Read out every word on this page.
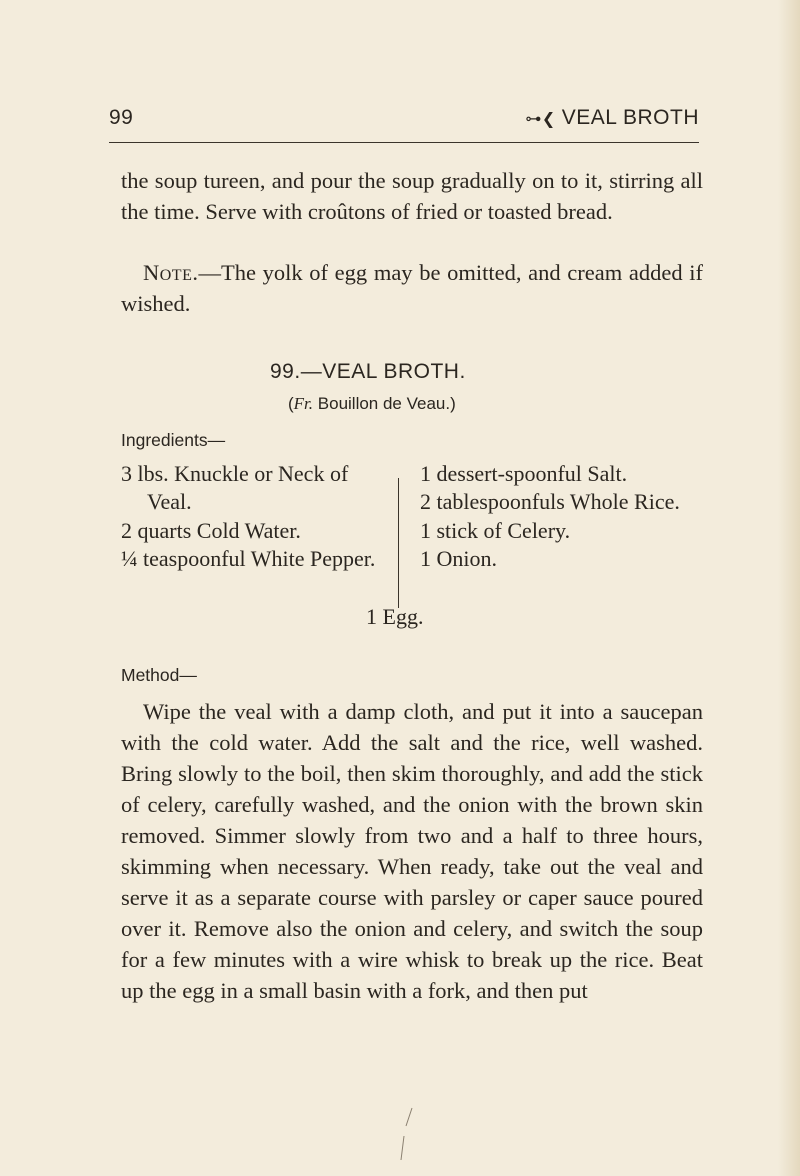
99	⊶❮ VEAL BROTH

the soup tureen, and pour the soup gradually on to it, stirring all the time. Serve with croûtons of fried or toasted bread.

Note.—The yolk of egg may be omitted, and cream added if wished.

99.—VEAL BROTH.
(Fr. Bouillon de Veau.)
Ingredients—
3 lbs. Knuckle or Neck of Veal.
2 quarts Cold Water.
¼ teaspoonful White Pepper.
1 dessert-spoonful Salt.
2 tablespoonfuls Whole Rice.
1 stick of Celery.
1 Onion.
1 Egg.
Method—

Wipe the veal with a damp cloth, and put it into a saucepan with the cold water. Add the salt and the rice, well washed. Bring slowly to the boil, then skim thoroughly, and add the stick of celery, carefully washed, and the onion with the brown skin removed. Simmer slowly from two and a half to three hours, skimming when necessary. When ready, take out the veal and serve it as a separate course with parsley or caper sauce poured over it. Remove also the onion and celery, and switch the soup for a few minutes with a wire whisk to break up the rice. Beat up the egg in a small basin with a fork, and then put
